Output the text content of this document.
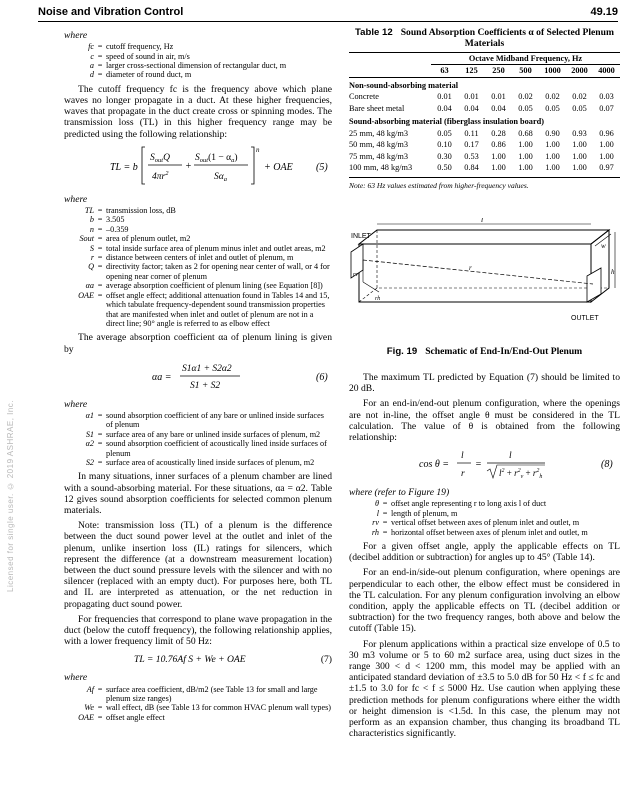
Noise and Vibration Control	49.19
Licensed for single user. © 2019 ASHRAE, Inc.
where
fc = cutoff frequency, Hz
c = speed of sound in air, m/s
a = larger cross-sectional dimension of rectangular duct, m
d = diameter of round duct, m

The cutoff frequency fc is the frequency above which plane waves no longer propagate in a duct. At these higher frequencies, waves that propagate in the duct create cross or spinning modes. The transmission loss (TL) in this higher frequency range may be predicted using the following relationship:

TL = b
$S_{out}Q$
$4\pi r^2$
+
$S_{out}(1 - \alpha_a)$
$S\alpha_a$
n
+ OAE (5)
where
TL = transmission loss, dB
b = 3.505
n = –0.359
Sout = area of plenum outlet, m2
S = total inside surface area of plenum minus inlet and outlet areas, m2
r = distance between centers of inlet and outlet of plenum, m
Q = directivity factor; taken as 2 for opening near center of wall, or 4 for opening near corner of plenum
αa = average absorption coefficient of plenum lining (see Equation [8])
OAE = offset angle effect; additional attenuation found in Tables 14 and 15, which tabulate frequency-dependent sound transmission properties that are manifested when inlet and outlet of plenum are not in a direct line; 90° angle is referred to as elbow effect

The average absorption coefficient αa of plenum lining is given by

αa =
S1α1 + S2α2
S1 + S2
(6)
where
α1 = sound absorption coefficient of any bare or unlined inside surfaces of plenum
S1 = surface area of any bare or unlined inside surfaces of plenum, m2
α2 = sound absorption coefficient of acoustically lined inside surfaces of plenum
S2 = surface area of acoustically lined inside surfaces of plenum, m2

In many situations, inner surfaces of a plenum chamber are lined with a sound-absorbing material. For these situations, αa = α2. Table 12 gives sound absorption coefficients for selected common plenum materials.

Note: transmission loss (TL) of a plenum is the difference between the duct sound power level at the outlet and inlet of the plenum, unlike insertion loss (IL) ratings for silencers, which represent the difference (at a downstream measurement location) between the duct sound pressure levels with the silencer and with no silencer (replaced with an empty duct). For purposes here, both TL and IL are interpreted as attenuation, or the net reduction in propagating duct sound power.

For frequencies that correspond to plane wave propagation in the duct (below the cutoff frequency), the following relationship applies, with a lower frequency limit of 50 Hz:

TL = 10.76Af S + We + OAE	(7)
where
Af = surface area coefficient, dB/m2 (see Table 13 for small and large plenum size ranges)
We = wall effect, dB (see Table 13 for common HVAC plenum wall types)
OAE = offset angle effect
Table 12 Sound Absorption Coefficients α of Selected Plenum Materials
	Octave Midband Frequency, Hz						
	63	125	250	500	1000	2000	4000
Non-sound-absorbing material							
Concrete	0.01	0.01	0.01	0.02	0.02	0.02	0.03
Bare sheet metal	0.04	0.04	0.04	0.05	0.05	0.05	0.07
Sound-absorbing material (fiberglass insulation board)							
25 mm, 48 kg/m3	0.05	0.11	0.28	0.68	0.90	0.93	0.96
50 mm, 48 kg/m3	0.10	0.17	0.86	1.00	1.00	1.00	1.00
75 mm, 48 kg/m3	0.30	0.53	1.00	1.00	1.00	1.00	1.00
100 mm, 48 kg/m3	0.50	0.84	1.00	1.00	1.00	1.00	0.97
Note: 63 Hz values estimated from higher-frequency values.
INLET
OUTLET
l
w
h
r
rv
rh
Fig. 19 Schematic of End-In/End-Out Plenum

The maximum TL predicted by Equation (7) should be limited to 20 dB.

For an end-in/end-out plenum configuration, where the openings are not in-line, the offset angle θ must be considered in the TL calculation. The value of θ is obtained from the following relationship:

cos θ =
l
r
=
l
$l^2 + r^2_v + r^2_h$
(8)
where (refer to Figure 19)
θ = offset angle representing r to long axis l of duct
l = length of plenum, m
rv = vertical offset between axes of plenum inlet and outlet, m
rh = horizontal offset between axes of plenum inlet and outlet, m

For a given offset angle, apply the applicable effects on TL (decibel addition or subtraction) for angles up to 45° (Table 14).

For an end-in/side-out plenum configuration, where openings are perpendicular to each other, the elbow effect must be considered in the TL calculation. For any plenum configuration involving an elbow condition, apply the applicable effects on TL (decibel addition or subtraction) for the two frequency ranges, both above and below the cutoff (Table 15).

For plenum applications within a practical size envelope of 0.5 to 30 m3 volume or 5 to 60 m2 surface area, using duct sizes in the range 300 < d < 1200 mm, this model may be applied with an anticipated standard deviation of ±3.5 to 5.0 dB for 50 Hz < f ≤ fc and ±1.5 to 3.0 for fc < f ≤ 5000 Hz. Use caution when applying these prediction methods for plenum configurations where either the width or height dimension is <1.5d. In this case, the plenum may not perform as an expansion chamber, thus changing its broadband TL characteristics significantly.
